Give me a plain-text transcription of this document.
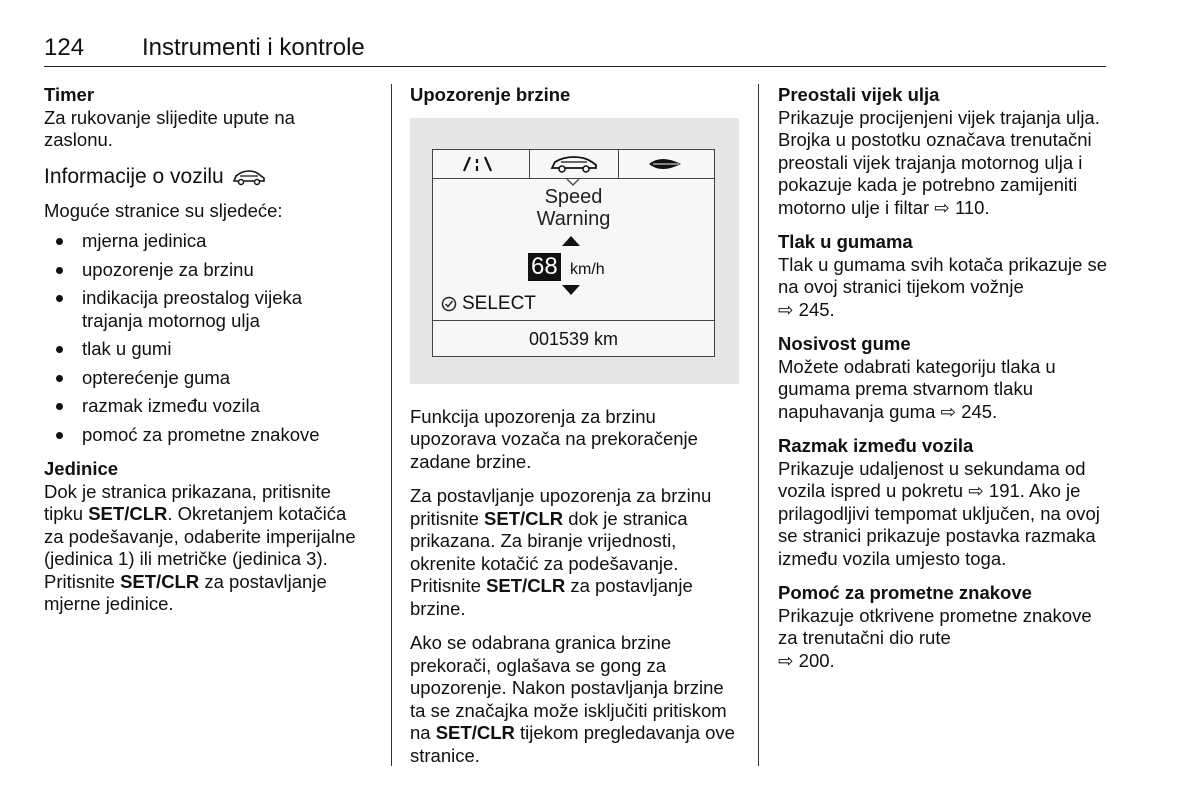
124 Instrumenti i kontrole

Timer

Za rukovanje slijedite upute na zaslonu.

Informacije o vozilu

Moguće stranice su sljedeće:

mjerna jedinica
upozorenje za brzinu
indikacija preostalog vijeka trajanja motornog ulja
tlak u gumi
opterećenje guma
razmak između vozila
pomoć za prometne znakove

Jedinice

Dok je stranica prikazana, pritisnite tipku SET/CLR. Okretanjem kotačića za podešavanje, odaberite imperijalne (jedinica 1) ili metričke (jedinica 3). Pritisnite SET/CLR za postavljanje mjerne jedinice.

Upozorenje brzine

Speed
Warning
68 km/h
SELECT
001539 km

Funkcija upozorenja za brzinu upozorava vozača na prekoračenje zadane brzine.

Za postavljanje upozorenja za brzinu pritisnite SET/CLR dok je stranica prikazana. Za biranje vrijednosti, okrenite kotačić za podešavanje. Pritisnite SET/CLR za postavljanje brzine.

Ako se odabrana granica brzine prekorači, oglašava se gong za upozorenje. Nakon postavljanja brzine ta se značajka može isključiti pritiskom na SET/CLR tijekom pregledavanja ove stranice.

Preostali vijek ulja

Prikazuje procijenjeni vijek trajanja ulja. Brojka u postotku označava trenutačni preostali vijek trajanja motornog ulja i pokazuje kada je potrebno zamijeniti motorno ulje i filtar ⇨ 110.

Tlak u gumama

Tlak u gumama svih kotača prikazuje se na ovoj stranici tijekom vožnje
⇨ 245.

Nosivost gume

Možete odabrati kategoriju tlaka u gumama prema stvarnom tlaku napuhavanja guma ⇨ 245.

Razmak između vozila

Prikazuje udaljenost u sekundama od vozila ispred u pokretu ⇨ 191. Ako je prilagodljivi tempomat uključen, na ovoj se stranici prikazuje postavka razmaka između vozila umjesto toga.

Pomoć za prometne znakove

Prikazuje otkrivene prometne znakove za trenutačni dio rute
⇨ 200.
